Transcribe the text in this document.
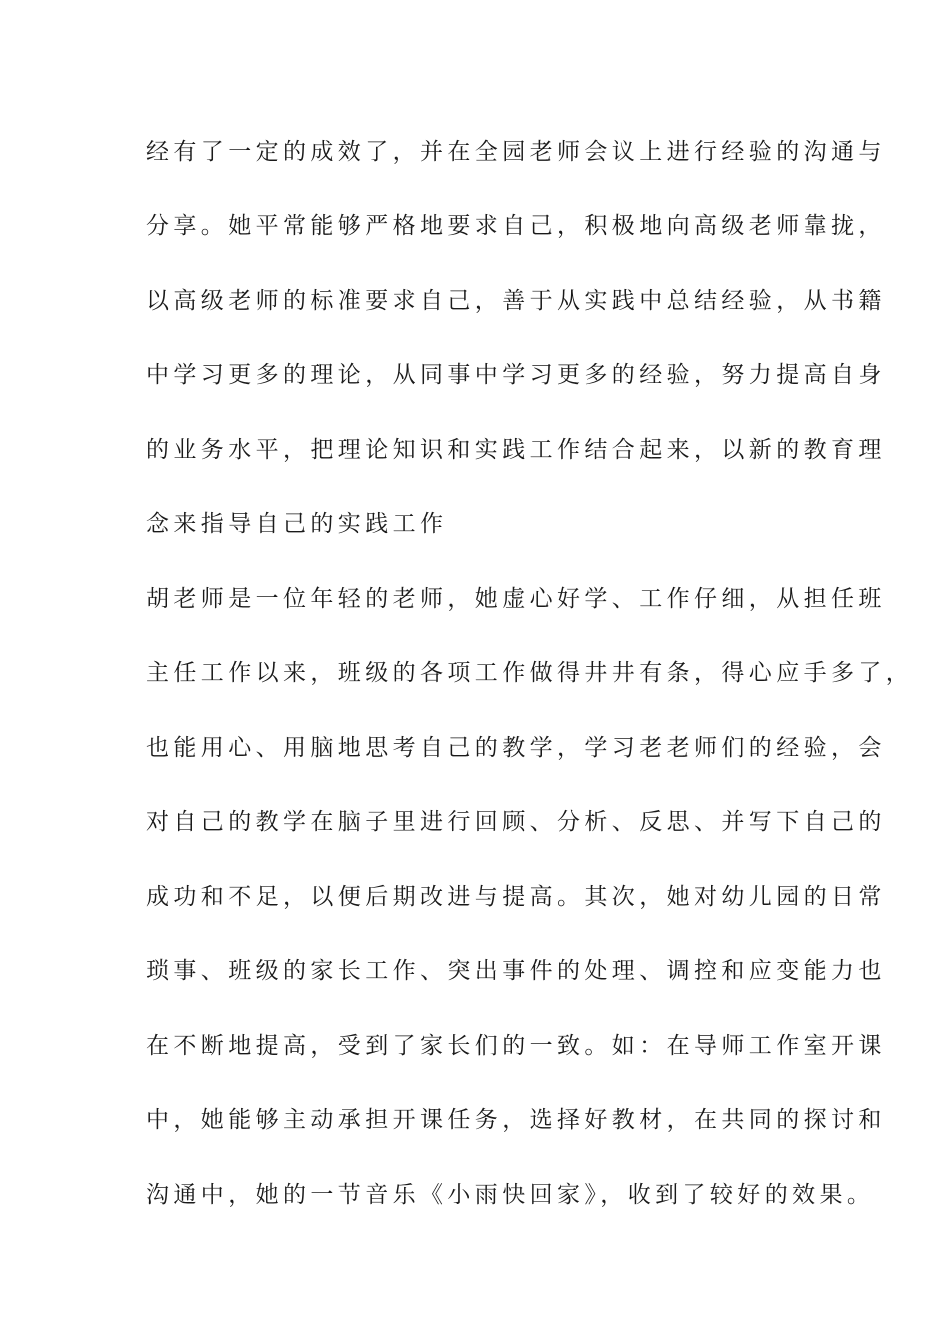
经有了一定的成效了，并在全园老师会议上进行经验的沟通与
分享。她平常能够严格地要求自己，积极地向高级老师靠拢，
以高级老师的标准要求自己，善于从实践中总结经验，从书籍
中学习更多的理论，从同事中学习更多的经验，努力提高自身
的业务水平，把理论知识和实践工作结合起来，以新的教育理
念来指导自己的实践工作
胡老师是一位年轻的老师，她虚心好学、工作仔细，从担任班
主任工作以来，班级的各项工作做得井井有条，得心应手多了，
也能用心、用脑地思考自己的教学，学习老老师们的经验，会
对自己的教学在脑子里进行回顾、分析、反思、并写下自己的
成功和不足，以便后期改进与提高。其次，她对幼儿园的日常
琐事、班级的家长工作、突出事件的处理、调控和应变能力也
在不断地提高，受到了家长们的一致。如：在导师工作室开课
中，她能够主动承担开课任务，选择好教材，在共同的探讨和
沟通中，她的一节音乐《小雨快回家》，收到了较好的效果。
